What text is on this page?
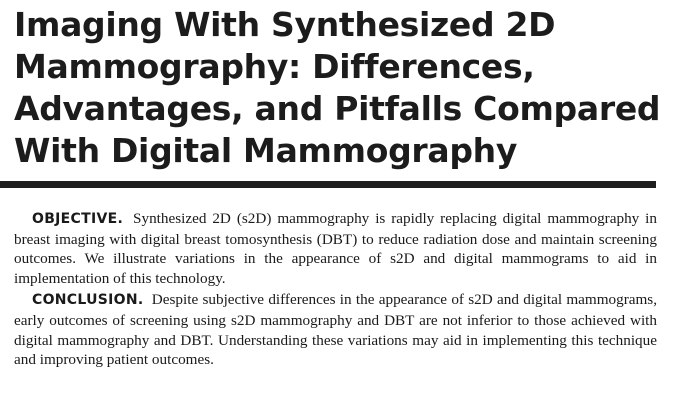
Imaging With Synthesized 2D
Mammography: Differences,
Advantages, and Pitfalls Compared
With Digital Mammography

OBJECTIVE. Synthesized 2D (s2D) mammography is rapidly replacing digital mammography in breast imaging with digital breast tomosynthesis (DBT) to reduce radiation dose and maintain screening outcomes. We illustrate variations in the appearance of s2D and digital mammograms to aid in implementation of this technology.

CONCLUSION. Despite subjective differences in the appearance of s2D and digital mammograms, early outcomes of screening using s2D mammography and DBT are not inferior to those achieved with digital mammography and DBT. Understanding these variations may aid in implementing this technique and improving patient outcomes.
